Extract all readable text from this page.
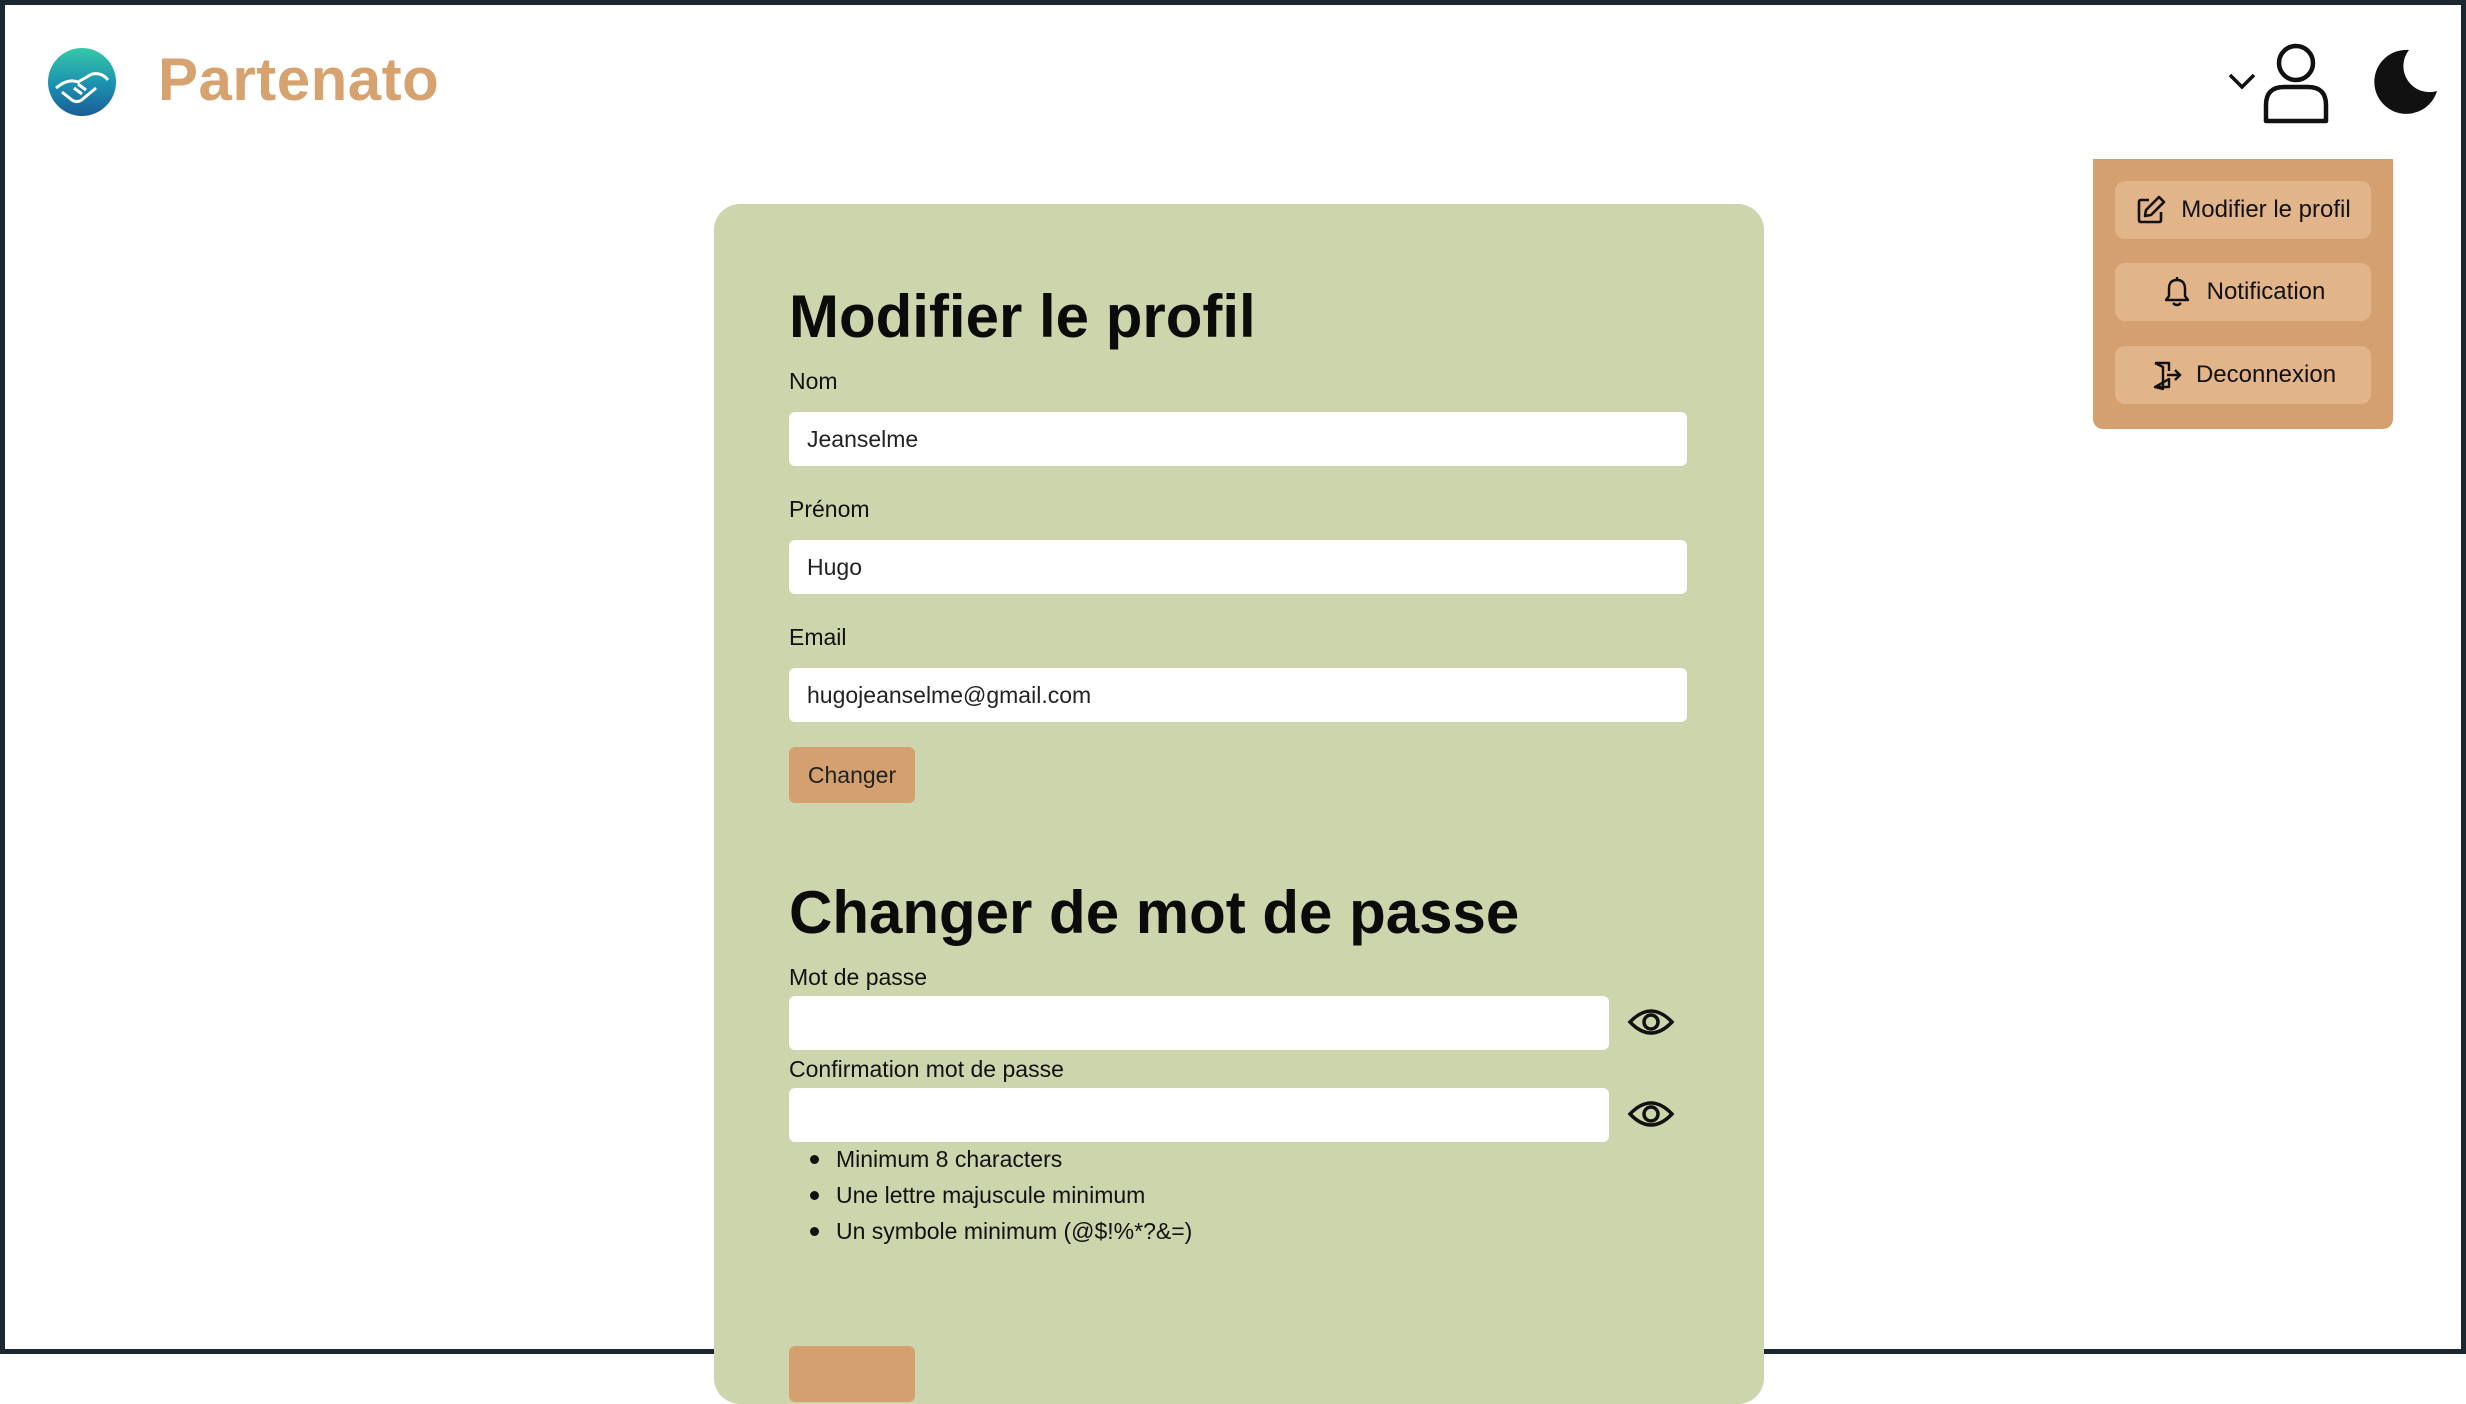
Partenato
Modifier le profil
Notification
Deconnexion
Modifier le profil
Nom
Jeanselme
Prénom
Hugo
Email
hugojeanselme@gmail.com
Changer
Changer de mot de passe
Mot de passe
Confirmation mot de passe
Minimum 8 characters
Une lettre majuscule minimum
Un symbole minimum (@$!%*?&=)
